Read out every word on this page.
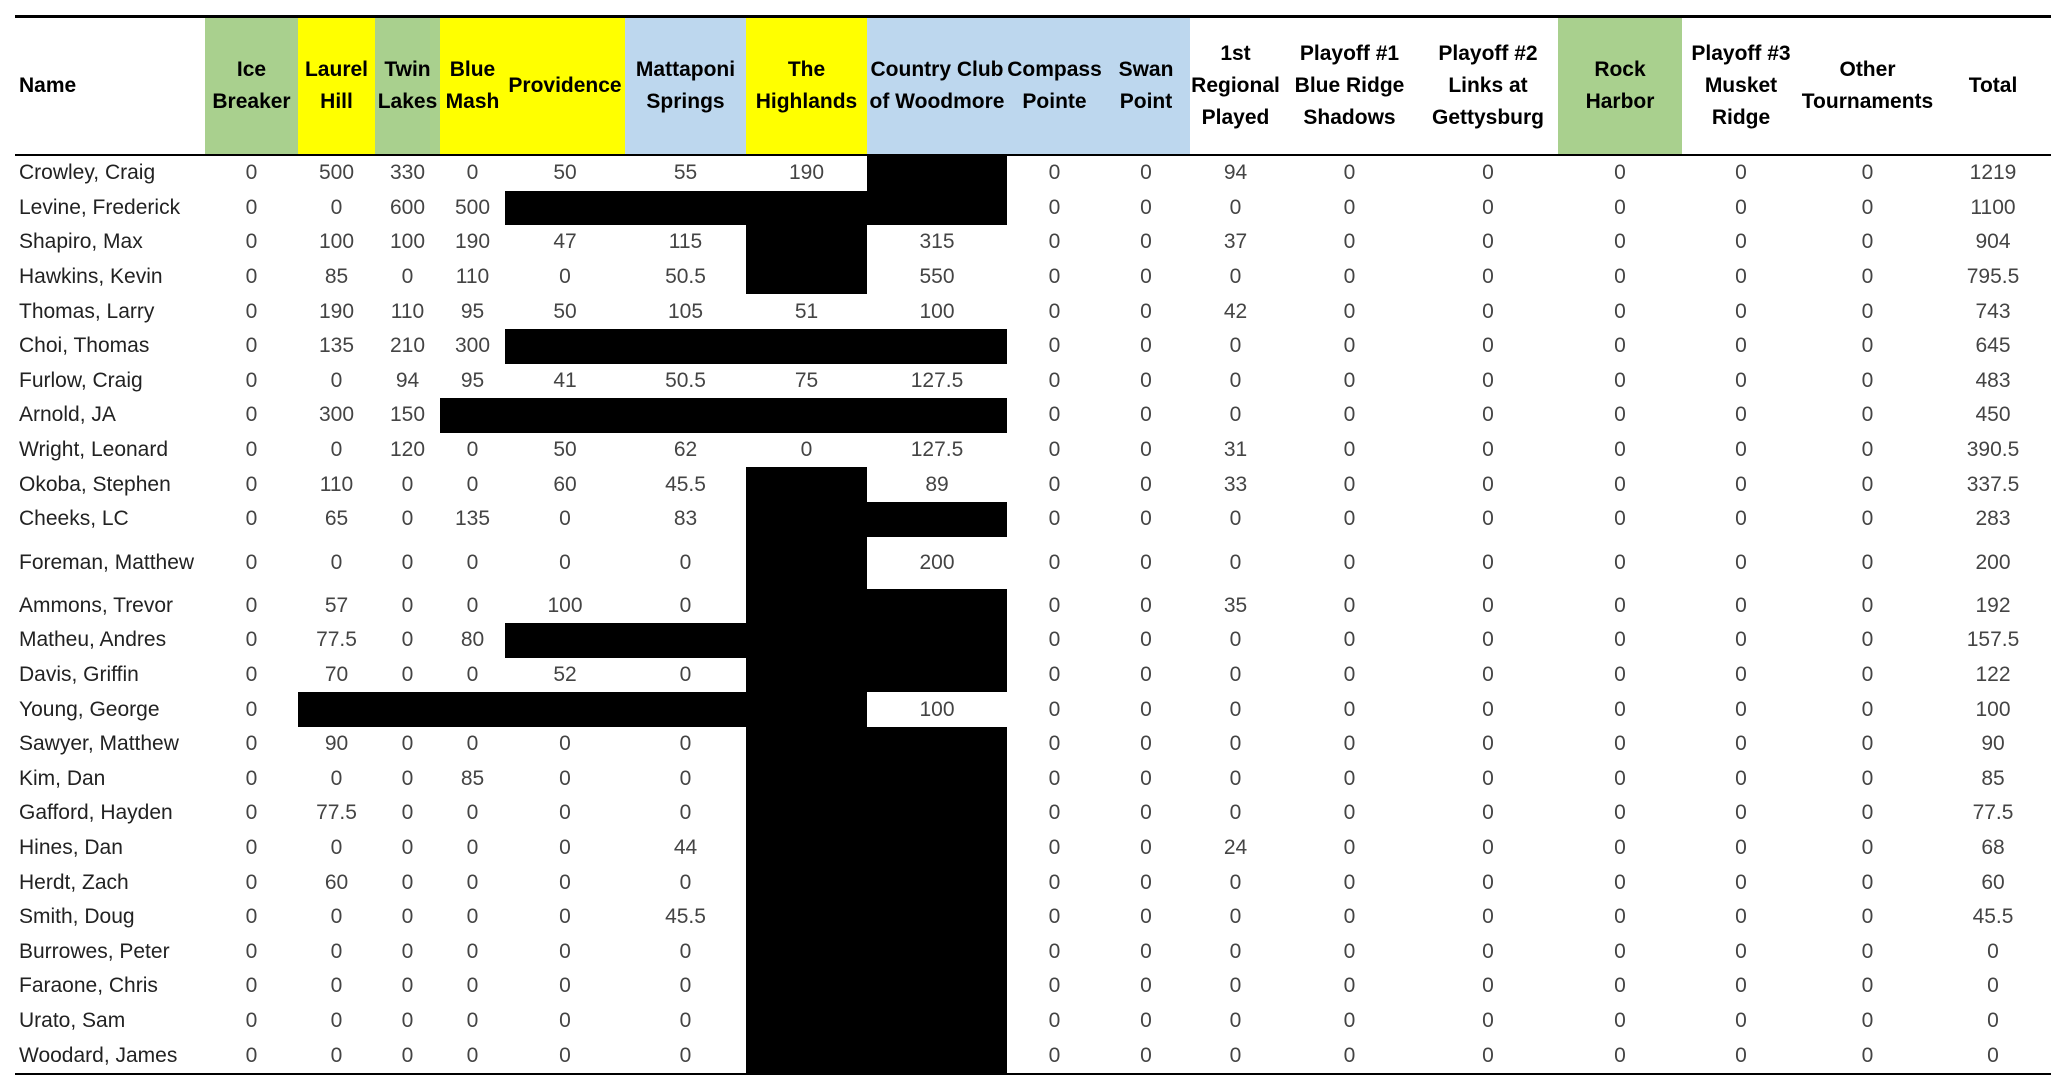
Name	Ice Breaker	Laurel Hill	Twin Lakes	Blue Mash	Providence	Mattaponi Springs	The Highlands	Country Club of Woodmore	Compass Pointe	Swan Point	1st Regional Played	Playoff #1 Blue Ridge Shadows	Playoff #2 Links at Gettysburg	Rock Harbor	Playoff #3 Musket Ridge	Other Tournaments	Total
Crowley, Craig	0	500	330	0	50	55	190		0	0	94	0	0	0	0	0	1219
Levine, Frederick	0	0	600	500					0	0	0	0	0	0	0	0	1100
Shapiro, Max	0	100	100	190	47	115		315	0	0	37	0	0	0	0	0	904
Hawkins, Kevin	0	85	0	110	0	50.5		550	0	0	0	0	0	0	0	0	795.5
Thomas, Larry	0	190	110	95	50	105	51	100	0	0	42	0	0	0	0	0	743
Choi, Thomas	0	135	210	300					0	0	0	0	0	0	0	0	645
Furlow, Craig	0	0	94	95	41	50.5	75	127.5	0	0	0	0	0	0	0	0	483
Arnold, JA	0	300	150						0	0	0	0	0	0	0	0	450
Wright, Leonard	0	0	120	0	50	62	0	127.5	0	0	31	0	0	0	0	0	390.5
Okoba, Stephen	0	110	0	0	60	45.5		89	0	0	33	0	0	0	0	0	337.5
Cheeks, LC	0	65	0	135	0	83			0	0	0	0	0	0	0	0	283
Foreman, Matthew	0	0	0	0	0	0		200	0	0	0	0	0	0	0	0	200
Ammons, Trevor	0	57	0	0	100	0			0	0	35	0	0	0	0	0	192
Matheu, Andres	0	77.5	0	80					0	0	0	0	0	0	0	0	157.5
Davis, Griffin	0	70	0	0	52	0			0	0	0	0	0	0	0	0	122
Young, George	0							100	0	0	0	0	0	0	0	0	100
Sawyer, Matthew	0	90	0	0	0	0			0	0	0	0	0	0	0	0	90
Kim, Dan	0	0	0	85	0	0			0	0	0	0	0	0	0	0	85
Gafford, Hayden	0	77.5	0	0	0	0			0	0	0	0	0	0	0	0	77.5
Hines, Dan	0	0	0	0	0	44			0	0	24	0	0	0	0	0	68
Herdt, Zach	0	60	0	0	0	0			0	0	0	0	0	0	0	0	60
Smith, Doug	0	0	0	0	0	45.5			0	0	0	0	0	0	0	0	45.5
Burrowes, Peter	0	0	0	0	0	0			0	0	0	0	0	0	0	0	0
Faraone, Chris	0	0	0	0	0	0			0	0	0	0	0	0	0	0	0
Urato, Sam	0	0	0	0	0	0			0	0	0	0	0	0	0	0	0
Woodard, James	0	0	0	0	0	0			0	0	0	0	0	0	0	0	0
